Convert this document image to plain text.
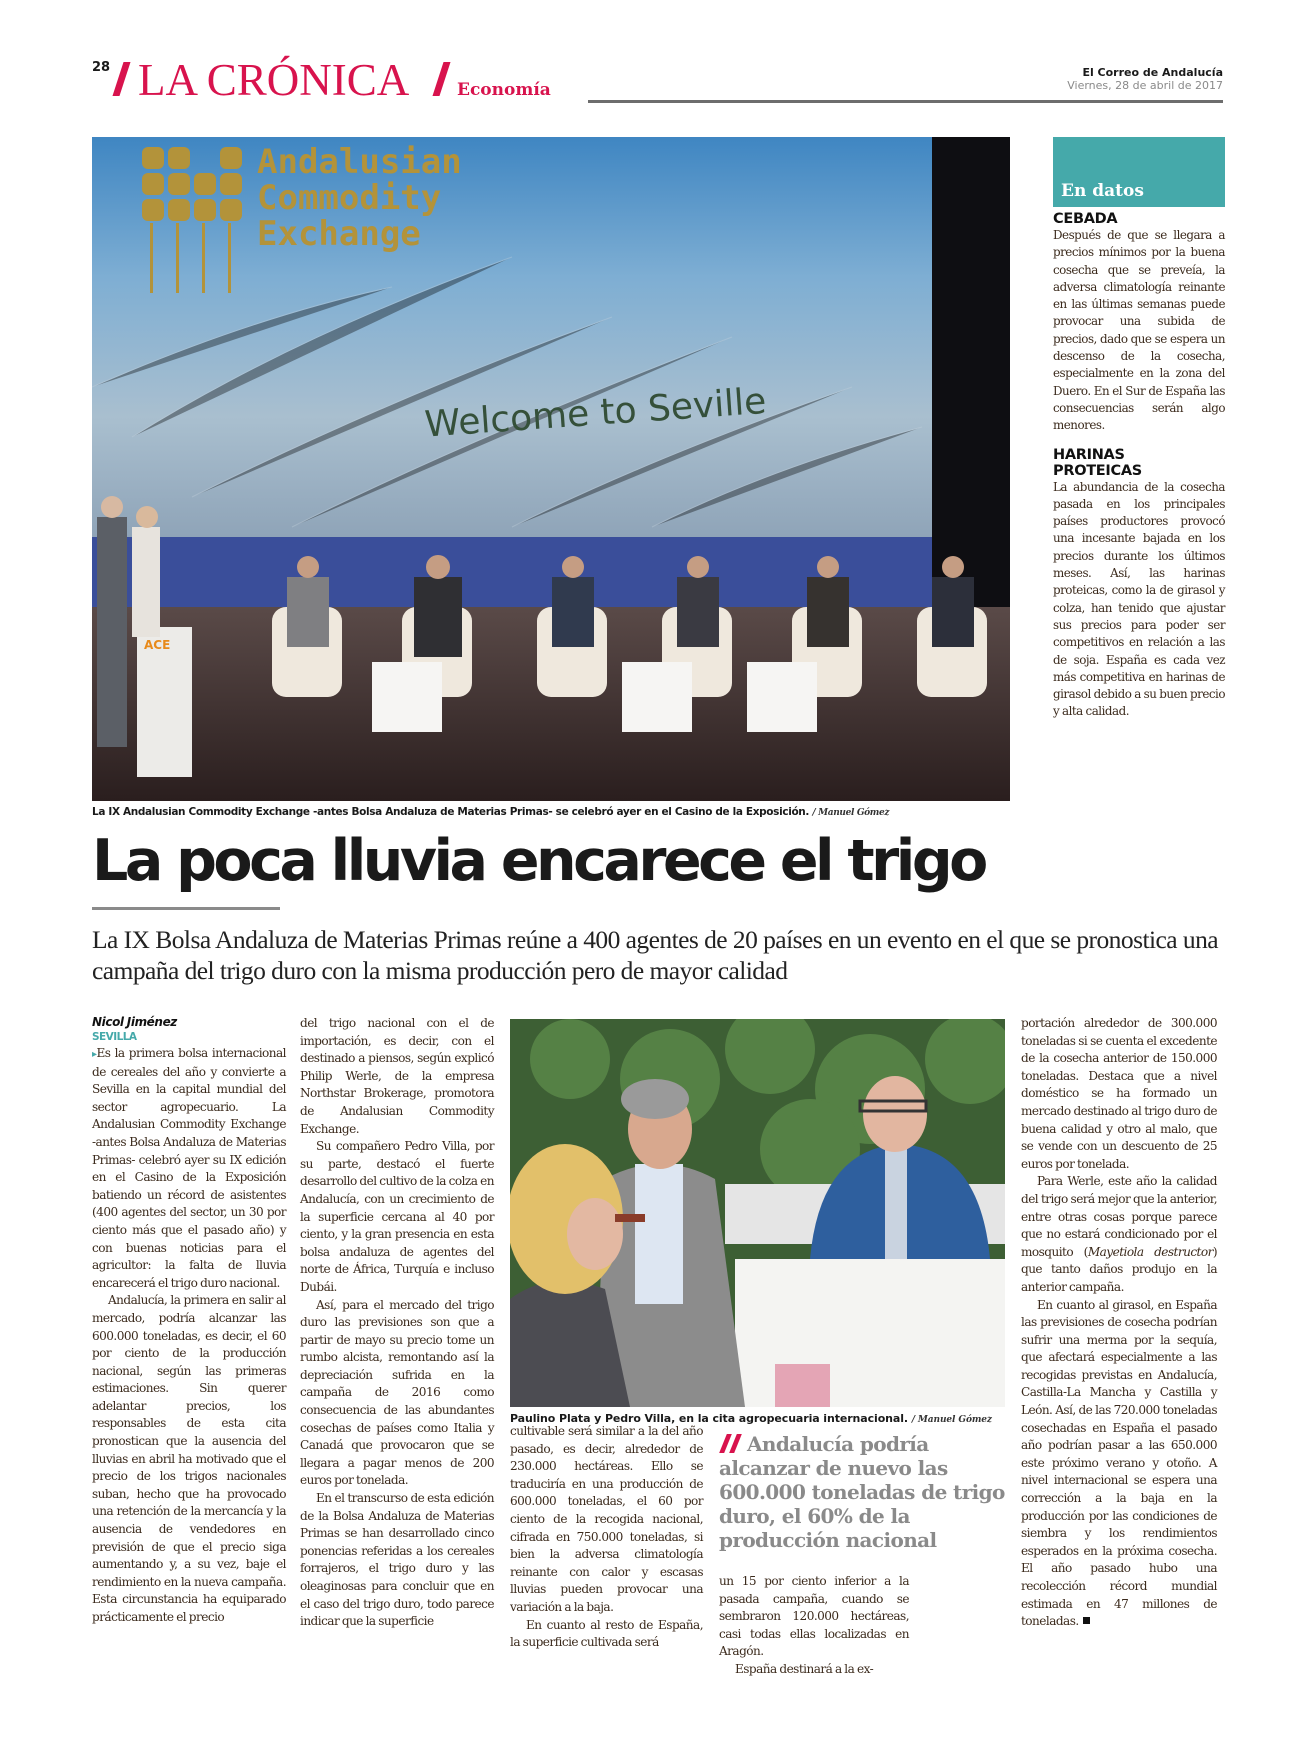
28 LA CRÓNICA	Economía
El Correo de Andalucía
Viernes, 28 de abril de 2017
Andalusian
Commodity
Exchange
Welcome to Seville
ACE
La IX Andalusian Commodity Exchange -antes Bolsa Andaluza de Materias Primas- se celebró ayer en el Casino de la Exposición. / Manuel Gómez
En datos
CEBADA
Después de que se llegara a precios mínimos por la buena cosecha que se preveía, la adversa climatología reinante en las últimas semanas puede provocar una subida de precios, dado que se espera un descenso de la cosecha, especialmente en la zona del Duero. En el Sur de España las consecuencias serán algo menores.
HARINAS PROTEICAS
La abundancia de la cosecha pasada en los principales países productores provocó una incesante bajada en los precios durante los últimos meses. Así, las harinas proteicas, como la de girasol y colza, han tenido que ajustar sus precios para poder ser competitivos en relación a las de soja. España es cada vez más competitiva en harinas de girasol debido a su buen precio y alta calidad.
La poca lluvia encarece el trigo
La IX Bolsa Andaluza de Materias Primas reúne a 400 agentes de 20 países en un evento en el que se pronostica una campaña del trigo duro con la misma producción pero de mayor calidad
Nicol Jiménez
SEVILLA

▸Es la primera bolsa internacional de cereales del año y convierte a Sevilla en la capital mundial del sector agropecuario. La Andalusian Commodity Exchange -antes Bolsa Andaluza de Materias Primas- celebró ayer su IX edición en el Casino de la Exposición batiendo un récord de asistentes (400 agentes del sector, un 30 por ciento más que el pasado año) y con buenas noticias para el agricultor: la falta de lluvia encarecerá el trigo duro nacional.

Andalucía, la primera en salir al mercado, podría alcanzar las 600.000 toneladas, es decir, el 60 por ciento de la producción nacional, según las primeras estimaciones. Sin querer adelantar precios, los responsables de esta cita pronostican que la ausencia del lluvias en abril ha motivado que el precio de los trigos nacionales suban, hecho que ha provocado una retención de la mercancía y la ausencia de vendedores en previsión de que el precio siga aumentando y, a su vez, baje el rendimiento en la nueva campaña. Esta circunstancia ha equiparado prácticamente el precio

del trigo nacional con el de importación, es decir, con el destinado a piensos, según explicó Philip Werle, de la empresa Northstar Brokerage, promotora de Andalusian Commodity Exchange.

Su compañero Pedro Villa, por su parte, destacó el fuerte desarrollo del cultivo de la colza en Andalucía, con un crecimiento de la superficie cercana al 40 por ciento, y la gran presencia en esta bolsa andaluza de agentes del norte de África, Turquía e incluso Dubái.

Así, para el mercado del trigo duro las previsiones son que a partir de mayo su precio tome un rumbo alcista, remontando así la depreciación sufrida en la campaña de 2016 como consecuencia de las abundantes cosechas de países como Italia y Canadá que provocaron que se llegara a pagar menos de 200 euros por tonelada.

En el transcurso de esta edición de la Bolsa Andaluza de Materias Primas se han desarrollado cinco ponencias referidas a los cereales forrajeros, el trigo duro y las oleaginosas para concluir que en el caso del trigo duro, todo parece indicar que la superficie

Paulino Plata y Pedro Villa, en la cita agropecuaria internacional. / Manuel Gómez

cultivable será similar a la del año pasado, es decir, alrededor de 230.000 hectáreas. Ello se traduciría en una producción de 600.000 toneladas, el 60 por ciento de la recogida nacional, cifrada en 750.000 toneladas, si bien la adversa climatología reinante con calor y escasas lluvias pueden provocar una variación a la baja.

En cuanto al resto de España, la superficie cultivada será

Andalucía podría alcanzar de nuevo las 600.000 toneladas de trigo duro, el 60% de la producción nacional

un 15 por ciento inferior a la pasada campaña, cuando se sembraron 120.000 hectáreas, casi todas ellas localizadas en Aragón.

España destinará a la ex-

portación alrededor de 300.000 toneladas si se cuenta el excedente de la cosecha anterior de 150.000 toneladas. Destaca que a nivel doméstico se ha formado un mercado destinado al trigo duro de buena calidad y otro al malo, que se vende con un descuento de 25 euros por tonelada.

Para Werle, este año la calidad del trigo será mejor que la anterior, entre otras cosas porque parece que no estará condicionado por el mosquito (Mayetiola destructor) que tanto daños produjo en la anterior campaña.

En cuanto al girasol, en España las previsiones de cosecha podrían sufrir una merma por la sequía, que afectará especialmente a las recogidas previstas en Andalucía, Castilla-La Mancha y Castilla y León. Así, de las 720.000 toneladas cosechadas en España el pasado año podrían pasar a las 650.000 este próximo verano y otoño. A nivel internacional se espera una corrección a la baja en la producción por las condiciones de siembra y los rendimientos esperados en la próxima cosecha. El año pasado hubo una recolección récord mundial estimada en 47 millones de toneladas.
